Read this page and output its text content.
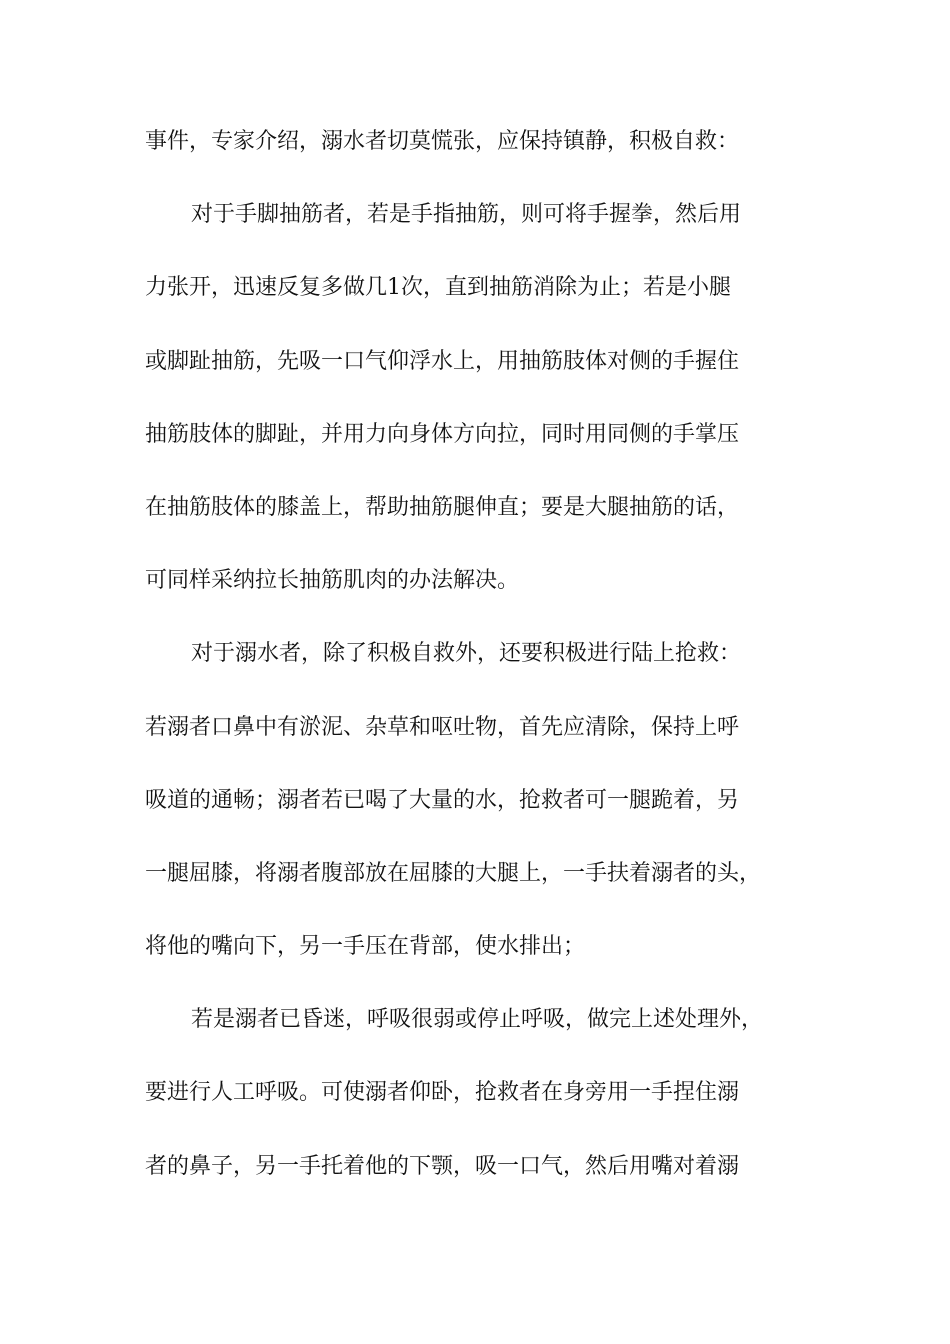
事件，专家介绍，溺水者切莫慌张，应保持镇静，积极自救：
对于手脚抽筋者，若是手指抽筋，则可将手握拳，然后用
力张开，迅速反复多做几1次，直到抽筋消除为止；若是小腿
或脚趾抽筋，先吸一口气仰浮水上，用抽筋肢体对侧的手握住
抽筋肢体的脚趾，并用力向身体方向拉，同时用同侧的手掌压
在抽筋肢体的膝盖上，帮助抽筋腿伸直；要是大腿抽筋的话，
可同样采纳拉长抽筋肌肉的办法解决。
对于溺水者，除了积极自救外，还要积极进行陆上抢救：
若溺者口鼻中有淤泥、杂草和呕吐物，首先应清除，保持上呼
吸道的通畅；溺者若已喝了大量的水，抢救者可一腿跪着，另
一腿屈膝，将溺者腹部放在屈膝的大腿上，一手扶着溺者的头，
将他的嘴向下，另一手压在背部，使水排出；
若是溺者已昏迷，呼吸很弱或停止呼吸，做完上述处理外，
要进行人工呼吸。可使溺者仰卧，抢救者在身旁用一手捏住溺
者的鼻子，另一手托着他的下颚，吸一口气，然后用嘴对着溺
